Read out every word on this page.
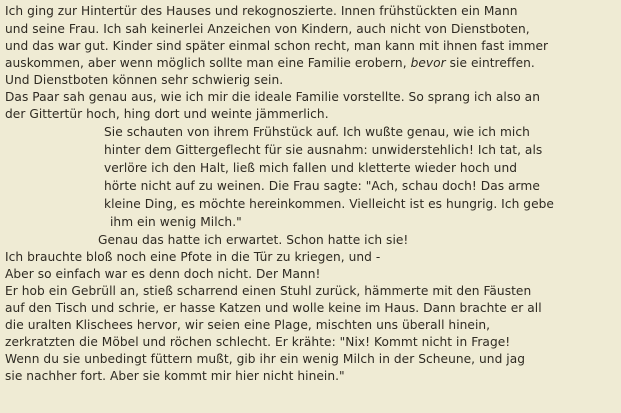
Ich ging zur Hintertür des Hauses und rekognoszierte. Innen frühstückten ein Mann
und seine Frau. Ich sah keinerlei Anzeichen von Kindern, auch nicht von Dienstboten,
und das war gut. Kinder sind später einmal schon recht, man kann mit ihnen fast immer
auskommen, aber wenn möglich sollte man eine Familie erobern, bevor sie eintreffen.
Und Dienstboten können sehr schwierig sein.
Das Paar sah genau aus, wie ich mir die ideale Familie vorstellte. So sprang ich also an
der Gittertür hoch, hing dort und weinte jämmerlich.
Sie schauten von ihrem Frühstück auf. Ich wußte genau, wie ich mich
hinter dem Gittergeflecht für sie ausnahm: unwiderstehlich! Ich tat, als
verlöre ich den Halt, ließ mich fallen und kletterte wieder hoch und
hörte nicht auf zu weinen. Die Frau sagte: "Ach, schau doch! Das arme
kleine Ding, es möchte hereinkommen. Vielleicht ist es hungrig. Ich gebe
ihm ein wenig Milch."
Genau das hatte ich erwartet. Schon hatte ich sie!
Ich brauchte bloß noch eine Pfote in die Tür zu kriegen, und -
Aber so einfach war es denn doch nicht. Der Mann!
Er hob ein Gebrüll an, stieß scharrend einen Stuhl zurück, hämmerte mit den Fäusten
auf den Tisch und schrie, er hasse Katzen und wolle keine im Haus. Dann brachte er all
die uralten Klischees hervor, wir seien eine Plage, mischten uns überall hinein,
zerkratzten die Möbel und röchen schlecht. Er krähte: "Nix! Kommt nicht in Frage!
Wenn du sie unbedingt füttern mußt, gib ihr ein wenig Milch in der Scheune, und jag
sie nachher fort. Aber sie kommt mir hier nicht hinein."
